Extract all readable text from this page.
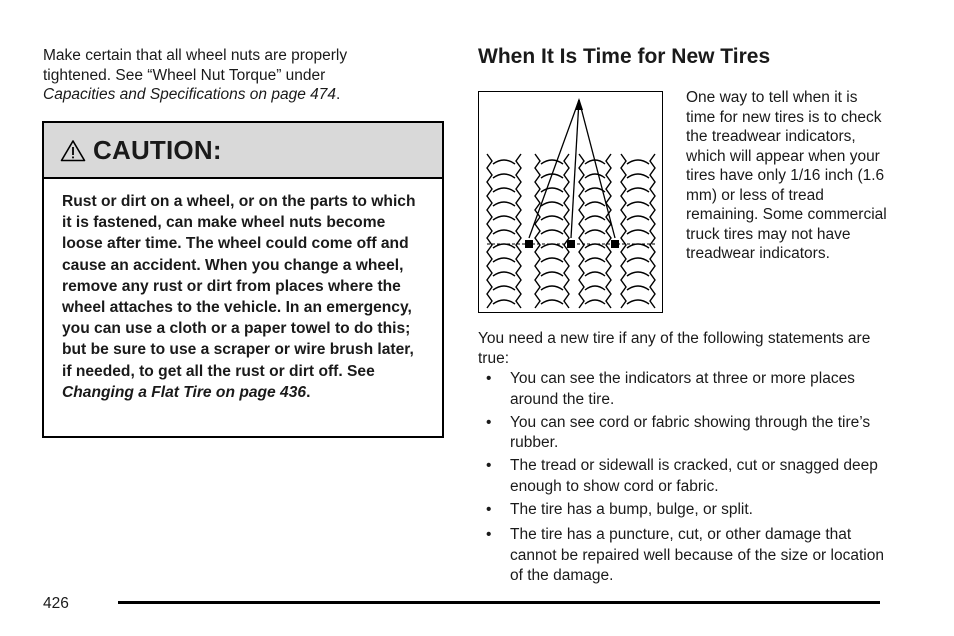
Make certain that all wheel nuts are properly
tightened. See “Wheel Nut Torque” under
Capacities and Specifications on page 474.
CAUTION:
Rust or dirt on a wheel, or on the parts to which it is fastened, can make wheel nuts become loose after time. The wheel could come off and cause an accident. When you change a wheel, remove any rust or dirt from places where the wheel attaches to the vehicle. In an emergency, you can use a cloth or a paper towel to do this; but be sure to use a scraper or wire brush later, if needed, to get all the rust or dirt off. See Changing a Flat Tire on page 436.
When It Is Time for New Tires
One way to tell when it is time for new tires is to check the treadwear indicators, which will appear when your tires have only 1/16 inch (1.6 mm) or less of tread remaining. Some commercial truck tires may not have treadwear indicators.
You need a new tire if any of the following statements are true:
• You can see the indicators at three or more places around the tire.
• You can see cord or fabric showing through the tire’s rubber.
• The tread or sidewall is cracked, cut or snagged deep enough to show cord or fabric.
• The tire has a bump, bulge, or split.
• The tire has a puncture, cut, or other damage that cannot be repaired well because of the size or location of the damage.
426
